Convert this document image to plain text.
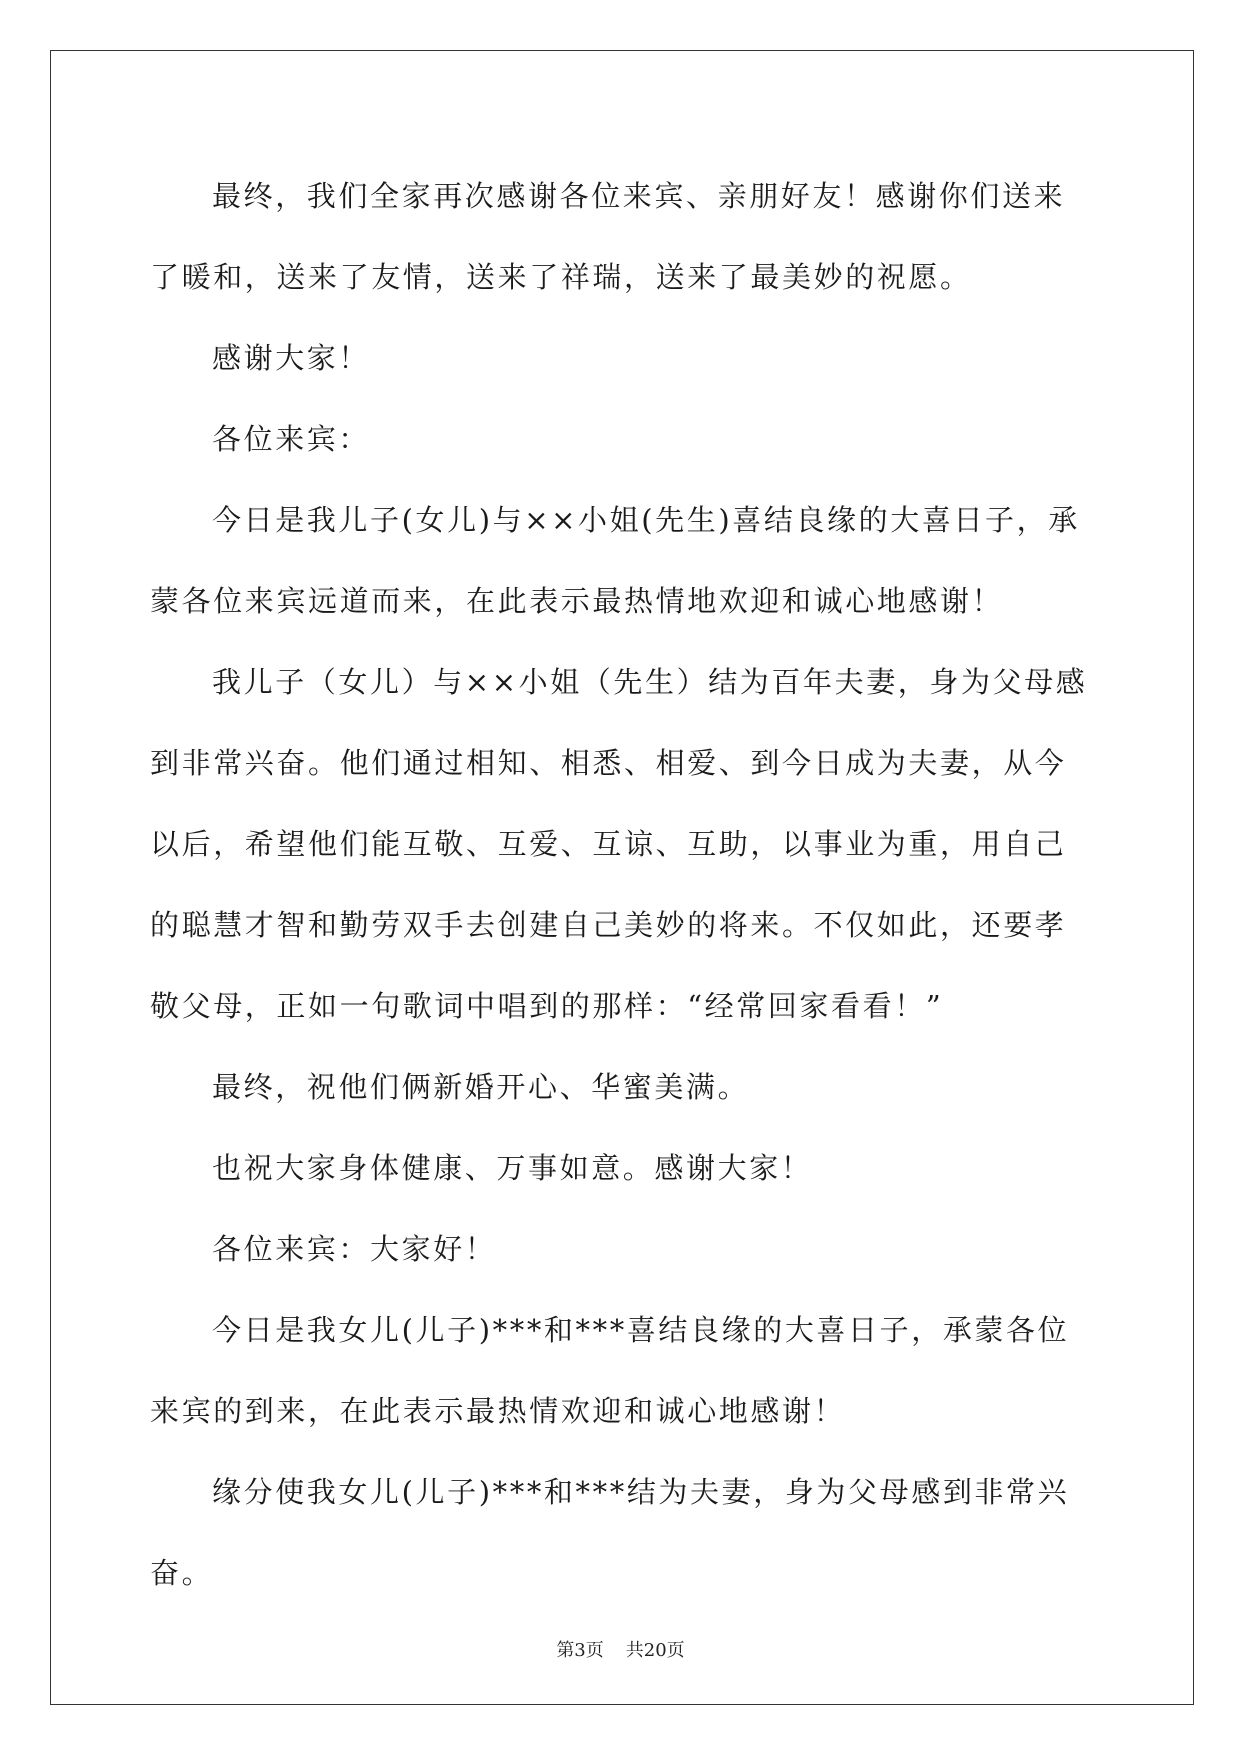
最终，我们全家再次感谢各位来宾、亲朋好友！感谢你们送来了暖和，送来了友情，送来了祥瑞，送来了最美妙的祝愿。

感谢大家！

各位来宾：

今日是我儿子(女儿)与××小姐(先生)喜结良缘的大喜日子，承蒙各位来宾远道而来，在此表示最热情地欢迎和诚心地感谢！

我儿子（女儿）与××小姐（先生）结为百年夫妻，身为父母感到非常兴奋。他们通过相知、相悉、相爱、到今日成为夫妻，从今以后，希望他们能互敬、互爱、互谅、互助，以事业为重，用自己的聪慧才智和勤劳双手去创建自己美妙的将来。不仅如此，还要孝敬父母，正如一句歌词中唱到的那样：“经常回家看看！”

最终，祝他们俩新婚开心、华蜜美满。

也祝大家身体健康、万事如意。感谢大家！

各位来宾：大家好！

今日是我女儿(儿子)***和***喜结良缘的大喜日子，承蒙各位来宾的到来，在此表示最热情欢迎和诚心地感谢！

缘分使我女儿(儿子)***和***结为夫妻，身为父母感到非常兴奋。

第3页 共20页
